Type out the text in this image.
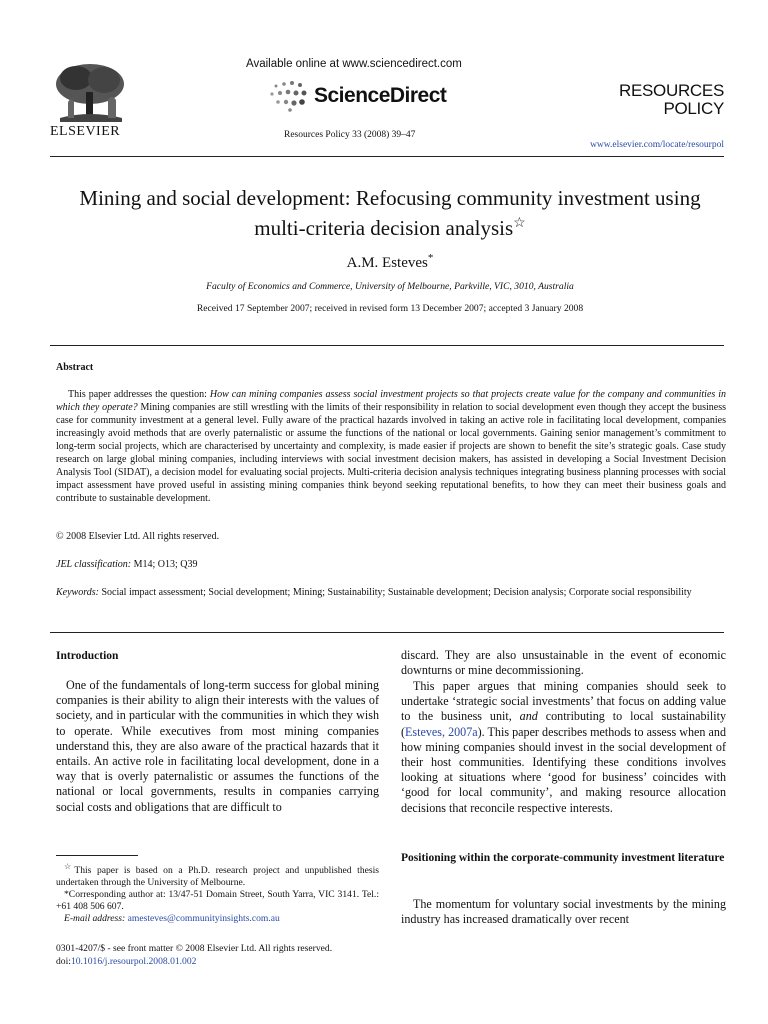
ELSEVIER
Available online at www.sciencedirect.com
ScienceDirect
Resources Policy 33 (2008) 39–47
RESOURCES
POLICY
www.elsevier.com/locate/resourpol
Mining and social development: Refocusing community investment using multi-criteria decision analysis☆
A.M. Esteves*
Faculty of Economics and Commerce, University of Melbourne, Parkville, VIC, 3010, Australia
Received 17 September 2007; received in revised form 13 December 2007; accepted 3 January 2008
Abstract
This paper addresses the question: How can mining companies assess social investment projects so that projects create value for the company and communities in which they operate? Mining companies are still wrestling with the limits of their responsibility in relation to social development even though they accept the business case for community investment at a general level. Fully aware of the practical hazards involved in taking an active role in facilitating local development, companies increasingly avoid methods that are overly paternalistic or assume the functions of the national or local governments. Gaining senior management’s commitment to long-term social projects, which are characterised by uncertainty and complexity, is made easier if projects are shown to benefit the site’s strategic goals. Case study research on large global mining companies, including interviews with social investment decision makers, has assisted in developing a Social Investment Decision Analysis Tool (SIDAT), a decision model for evaluating social projects. Multi-criteria decision analysis techniques integrating business planning processes with social impact assessment have proved useful in assisting mining companies think beyond seeking reputational benefits, to how they can meet their business goals and contribute to sustainable development.
© 2008 Elsevier Ltd. All rights reserved.
JEL classification: M14; O13; Q39
Keywords: Social impact assessment; Social development; Mining; Sustainability; Sustainable development; Decision analysis; Corporate social responsibility
Introduction
One of the fundamentals of long-term success for global mining companies is their ability to align their interests with the values of society, and in particular with the communities in which they wish to operate. While executives from most mining companies understand this, they are also aware of the practical hazards that it entails. An active role in facilitating local development, done in a way that is overly paternalistic or assumes the functions of the national or local governments, results in companies carrying social costs and obligations that are difficult to

☆This paper is based on a Ph.D. research project and unpublished thesis undertaken through the University of Melbourne.

*Corresponding author at: 13/47-51 Domain Street, South Yarra, VIC 3141. Tel.: +61 408 506 607.

E-mail address: amesteves@communityinsights.com.au
0301-4207/$ - see front matter © 2008 Elsevier Ltd. All rights reserved.
doi:10.1016/j.resourpol.2008.01.002
discard. They are also unsustainable in the event of economic downturns or mine decommissioning.
This paper argues that mining companies should seek to undertake ‘strategic social investments’ that focus on adding value to the business unit, and contributing to local sustainability (Esteves, 2007a). This paper describes methods to assess when and how mining companies should invest in the social development of their host communities. Identifying these conditions involves looking at situations where ‘good for business’ coincides with ‘good for local community’, and making resource allocation decisions that reconcile respective interests.
Positioning within the corporate-community investment literature
The momentum for voluntary social investments by the mining industry has increased dramatically over recent
